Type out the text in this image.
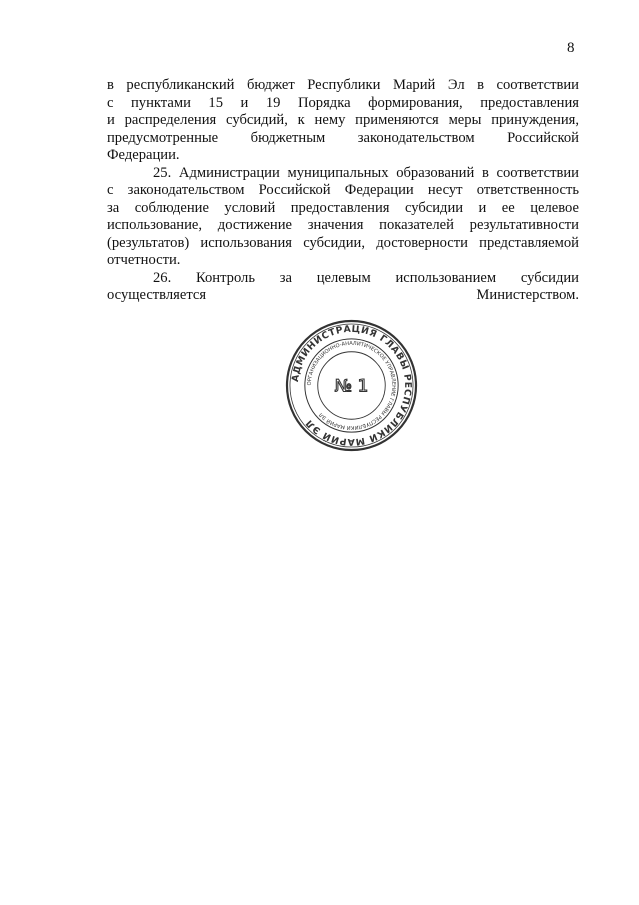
8

в республиканский бюджет Республики Марий Эл в соответствии
с пунктами 15 и 19 Порядка формирования, предоставления
и распределения субсидий, к нему применяются меры принуждения,
предусмотренные бюджетным законодательством Российской
Федерации.

25. Администрации муниципальных образований в соответствии
с законодательством Российской Федерации несут ответственность
за соблюдение условий предоставления субсидии и ее целевое
использование, достижение значения показателей результативности
(результатов) использования субсидии, достоверности представляемой
отчетности.

26. Контроль за целевым использованием субсидии
осуществляется Министерством.

АДМИНИСТРАЦИЯ ГЛАВЫ РЕСПУБЛИКИ МАРИЙ ЭЛ
ОРГАНИЗАЦИОННО-АНАЛИТИЧЕСКОЕ УПРАВЛЕНИЕ ГЛАВЫ РЕСПУБЛИКИ МАРИЙ ЭЛ
№ 1
